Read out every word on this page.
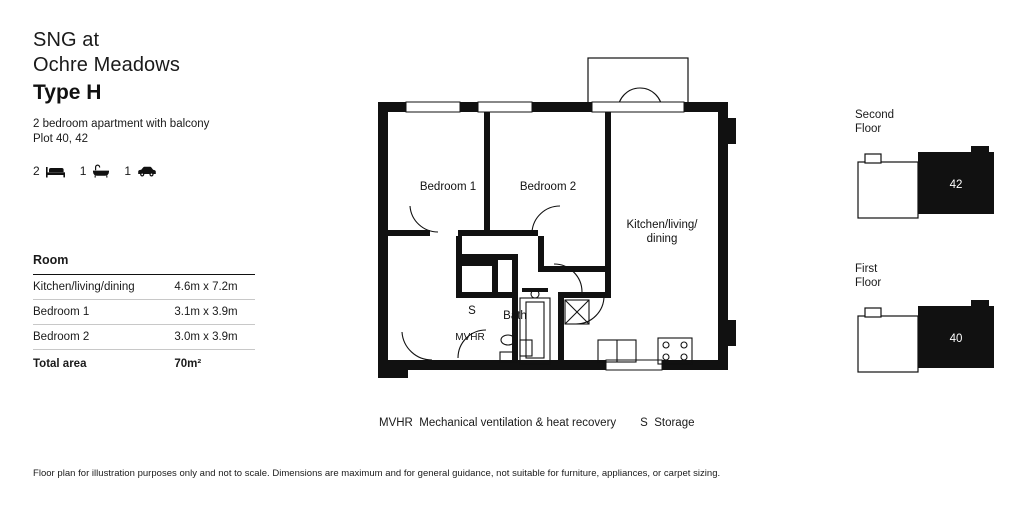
SNG at
Ochre Meadows
Type H
2 bedroom apartment with balcony
Plot 40, 42
2	1	1
Room	
Kitchen/living/dining	4.6m x 7.2m
Bedroom 1	3.1m x 3.9m
Bedroom 2	3.0m x 3.9m
Total area	70m²
Bedroom 1	Bedroom 2
Kitchen/living/
dining
Bath
S
MVHR
MVHR Mechanical ventilation & heat recovery S Storage
Second
Floor
42
First
Floor
40
Floor plan for illustration purposes only and not to scale. Dimensions are maximum and for general guidance, not suitable for furniture, appliances, or carpet sizing.
